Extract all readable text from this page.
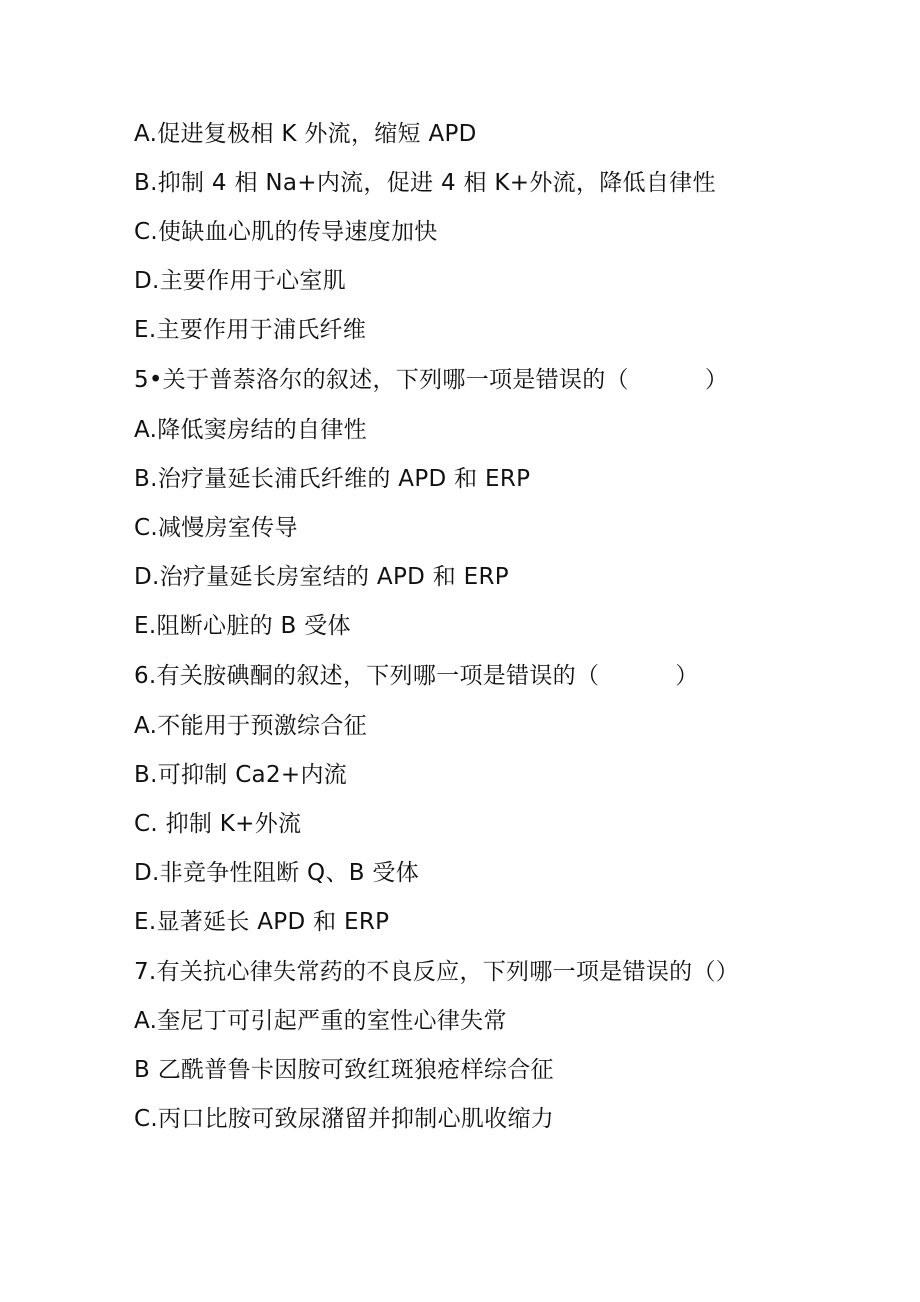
A.促进复极相 K 外流，缩短 APD
B.抑制 4 相 Na+内流，促进 4 相 K+外流，降低自律性
C.使缺血心肌的传导速度加快
D.主要作用于心室肌
E.主要作用于浦氏纤维
5•关于普萘洛尔的叙述，下列哪一项是错误的（          ）
A.降低窦房结的自律性
B.治疗量延长浦氏纤维的 APD 和 ERP
C.减慢房室传导
D.治疗量延长房室结的 APD 和 ERP
E.阻断心脏的 B 受体
6.有关胺碘酮的叙述，下列哪一项是错误的（          ）
A.不能用于预激综合征
B.可抑制 Ca2+内流
C. 抑制 K+外流
D.非竞争性阻断 Q、B 受体
E.显著延长 APD 和 ERP
7.有关抗心律失常药的不良反应，下列哪一项是错误的（）
A.奎尼丁可引起严重的室性心律失常
B 乙酰普鲁卡因胺可致红斑狼疮样综合征
C.丙口比胺可致尿潴留并抑制心肌收缩力
